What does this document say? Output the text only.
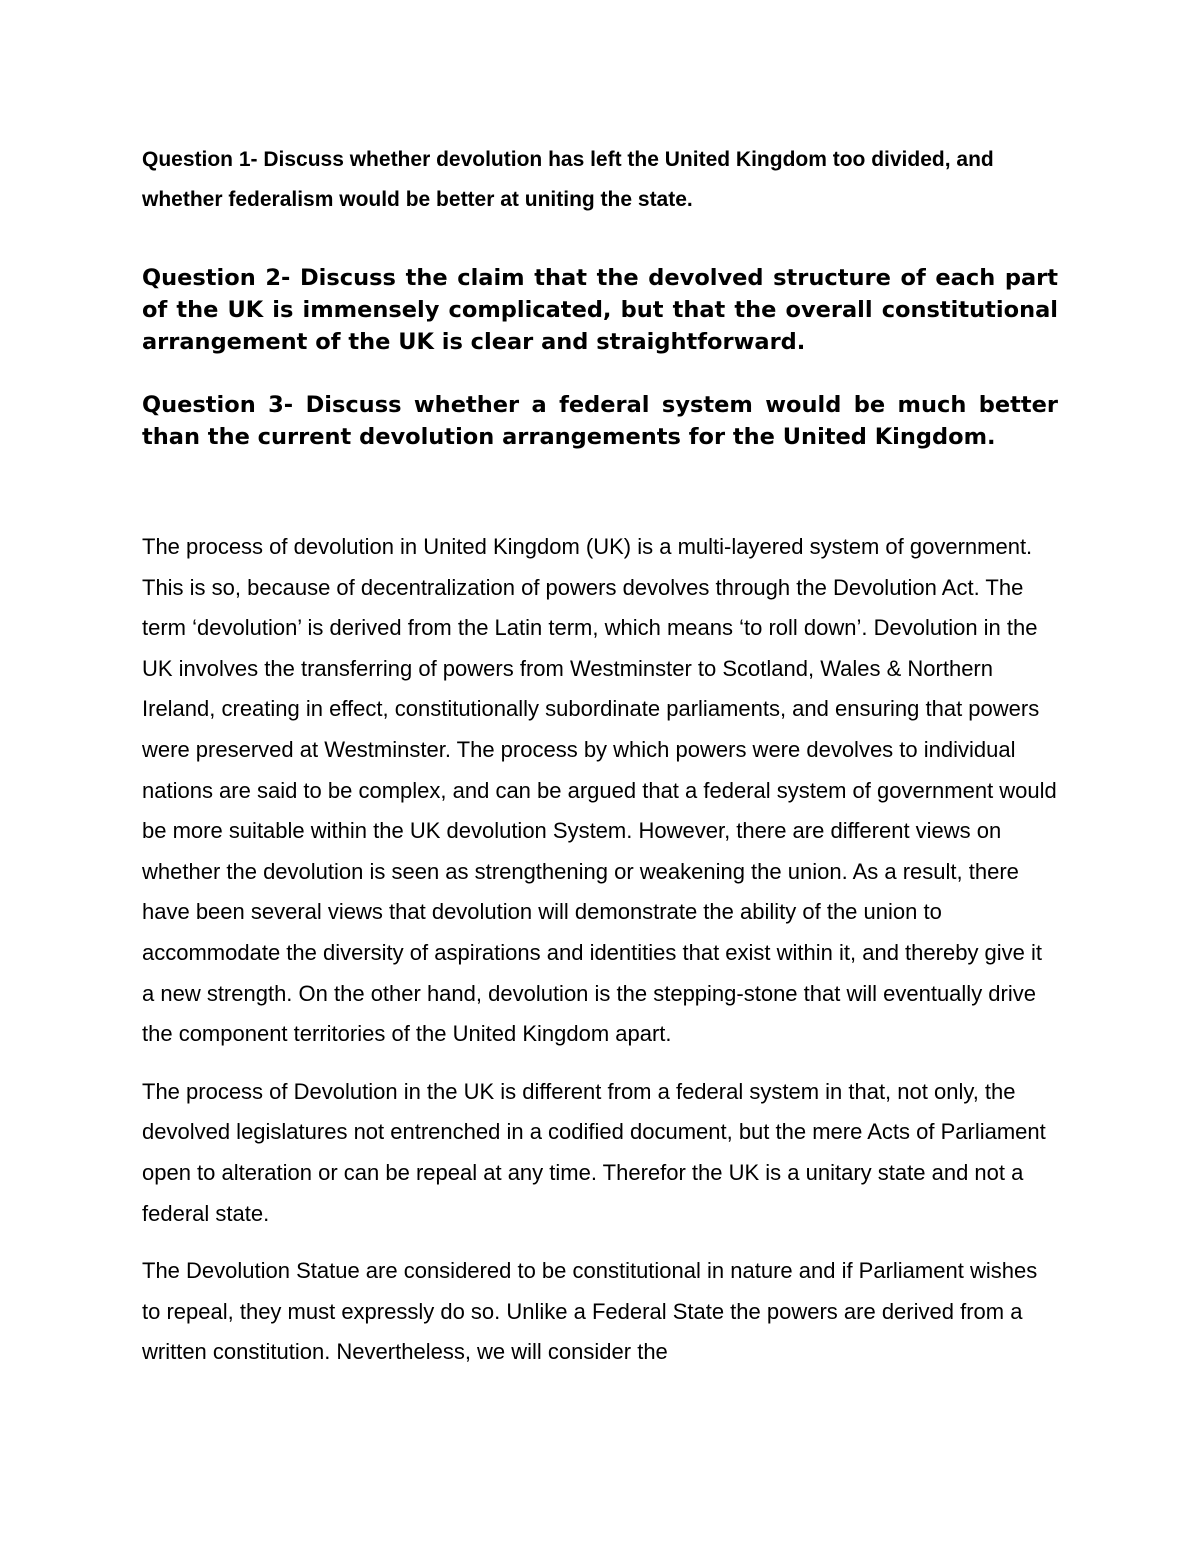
Question 1- Discuss whether devolution has left the United Kingdom too divided, and whether federalism would be better at uniting the state.

Question 2- Discuss the claim that the devolved structure of each part of the UK is immensely complicated, but that the overall constitutional arrangement of the UK is clear and straightforward.

Question 3- Discuss whether a federal system would be much better than the current devolution arrangements for the United Kingdom.

The process of devolution in United Kingdom (UK) is a multi-layered system of government. This is so, because of decentralization of powers devolves through the Devolution Act. The term ‘devolution’ is derived from the Latin term, which means ‘to roll down’. Devolution in the UK involves the transferring of powers from Westminster to Scotland, Wales & Northern Ireland, creating in effect, constitutionally subordinate parliaments, and ensuring that powers were preserved at Westminster. The process by which powers were devolves to individual nations are said to be complex, and can be argued that a federal system of government would be more suitable within the UK devolution System. However, there are different views on whether the devolution is seen as strengthening or weakening the union. As a result, there have been several views that devolution will demonstrate the ability of the union to accommodate the diversity of aspirations and identities that exist within it, and thereby give it a new strength. On the other hand, devolution is the stepping-stone that will eventually drive the component territories of the United Kingdom apart.

The process of Devolution in the UK is different from a federal system in that, not only, the devolved legislatures not entrenched in a codified document, but the mere Acts of Parliament open to alteration or can be repeal at any time. Therefor the UK is a unitary state and not a federal state.

The Devolution Statue are considered to be constitutional in nature and if Parliament wishes to repeal, they must expressly do so. Unlike a Federal State the powers are derived from a written constitution. Nevertheless, we will consider the
